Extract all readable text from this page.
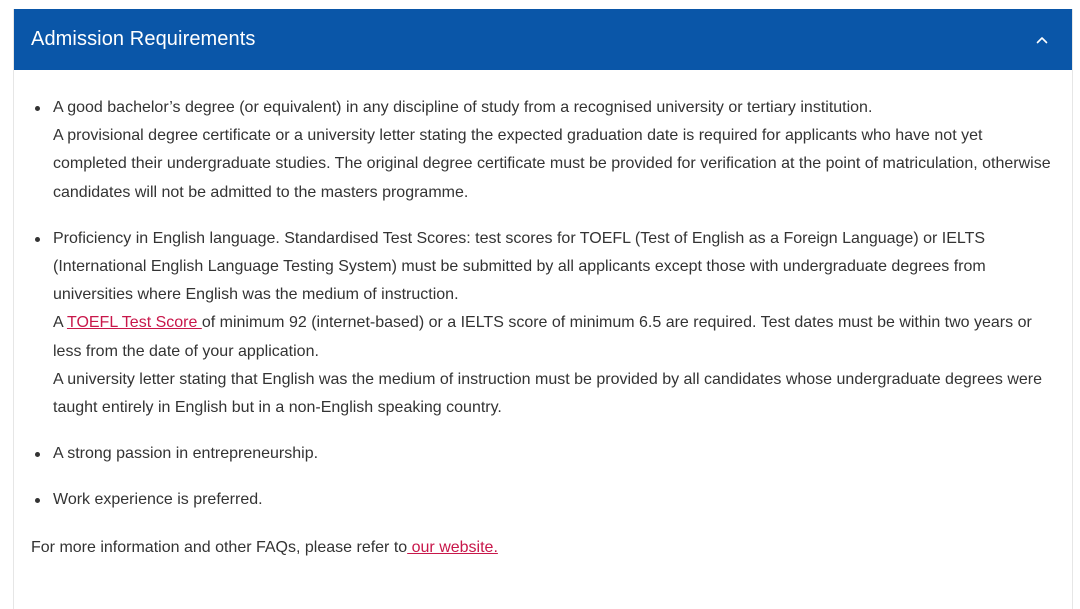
Admission Requirements
A good bachelor’s degree (or equivalent) in any discipline of study from a recognised university or tertiary institution.
A provisional degree certificate or a university letter stating the expected graduation date is required for applicants who have not yet completed their undergraduate studies. The original degree certificate must be provided for verification at the point of matriculation, otherwise candidates will not be admitted to the masters programme.
Proficiency in English language. Standardised Test Scores: test scores for TOEFL (Test of English as a Foreign Language) or IELTS (International English Language Testing System) must be submitted by all applicants except those with undergraduate degrees from universities where English was the medium of instruction.
A TOEFL Test Score of minimum 92 (internet-based) or a IELTS score of minimum 6.5 are required. Test dates must be within two years or less from the date of your application.
A university letter stating that English was the medium of instruction must be provided by all candidates whose undergraduate degrees were taught entirely in English but in a non-English speaking country.
A strong passion in entrepreneurship.
Work experience is preferred.
For more information and other FAQs, please refer to our website.
